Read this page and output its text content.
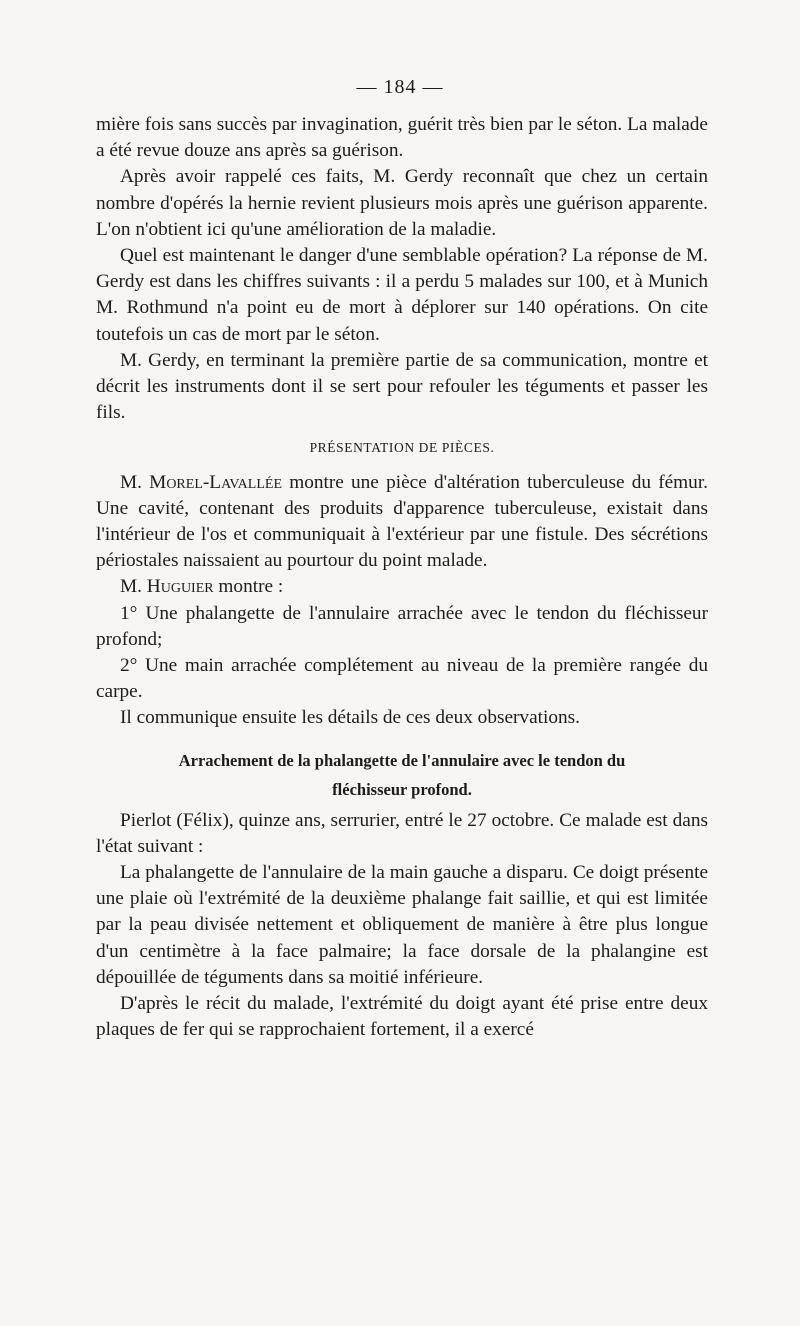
— 184 —

mière fois sans succès par invagination, guérit très bien par le séton. La malade a été revue douze ans après sa guérison.

Après avoir rappelé ces faits, M. Gerdy reconnaît que chez un certain nombre d'opérés la hernie revient plusieurs mois après une guérison apparente. L'on n'obtient ici qu'une amélioration de la maladie.

Quel est maintenant le danger d'une semblable opération? La réponse de M. Gerdy est dans les chiffres suivants : il a perdu 5 malades sur 100, et à Munich M. Rothmund n'a point eu de mort à déplorer sur 140 opérations. On cite toutefois un cas de mort par le séton.

M. Gerdy, en terminant la première partie de sa communication, montre et décrit les instruments dont il se sert pour refouler les téguments et passer les fils.

PRÉSENTATION DE PIÈCES.

M. Morel-Lavallée montre une pièce d'altération tuberculeuse du fémur. Une cavité, contenant des produits d'apparence tuberculeuse, existait dans l'intérieur de l'os et communiquait à l'extérieur par une fistule. Des sécrétions périostales naissaient au pourtour du point malade.

M. Huguier montre :

1° Une phalangette de l'annulaire arrachée avec le tendon du fléchisseur profond;

2° Une main arrachée complétement au niveau de la première rangée du carpe.

Il communique ensuite les détails de ces deux observations.

Arrachement de la phalangette de l'annulaire avec le tendon du
fléchisseur profond.

Pierlot (Félix), quinze ans, serrurier, entré le 27 octobre. Ce malade est dans l'état suivant :

La phalangette de l'annulaire de la main gauche a disparu. Ce doigt présente une plaie où l'extrémité de la deuxième phalange fait saillie, et qui est limitée par la peau divisée nettement et obliquement de manière à être plus longue d'un centimètre à la face palmaire; la face dorsale de la phalangine est dépouillée de téguments dans sa moitié inférieure.

D'après le récit du malade, l'extrémité du doigt ayant été prise entre deux plaques de fer qui se rapprochaient fortement, il a exercé
